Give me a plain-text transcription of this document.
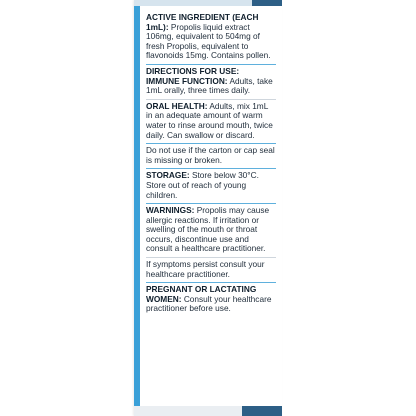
ACTIVE INGREDIENT (EACH 1mL): Propolis liquid extract 106mg, equivalent to 504mg of fresh Propolis, equivalent to flavonoids 15mg. Contains pollen.

DIRECTIONS FOR USE:
IMMUNE FUNCTION: Adults, take 1mL orally, three times daily.

ORAL HEALTH: Adults, mix 1mL in an adequate amount of warm water to rinse around mouth, twice daily. Can swallow or discard.

Do not use if the carton or cap seal is missing or broken.

STORAGE: Store below 30°C. Store out of reach of young children.

WARNINGS: Propolis may cause allergic reactions. If irritation or swelling of the mouth or throat occurs, discontinue use and consult a healthcare practitioner.

If symptoms persist consult your healthcare practitioner.

PREGNANT OR LACTATING WOMEN: Consult your healthcare practitioner before use.
